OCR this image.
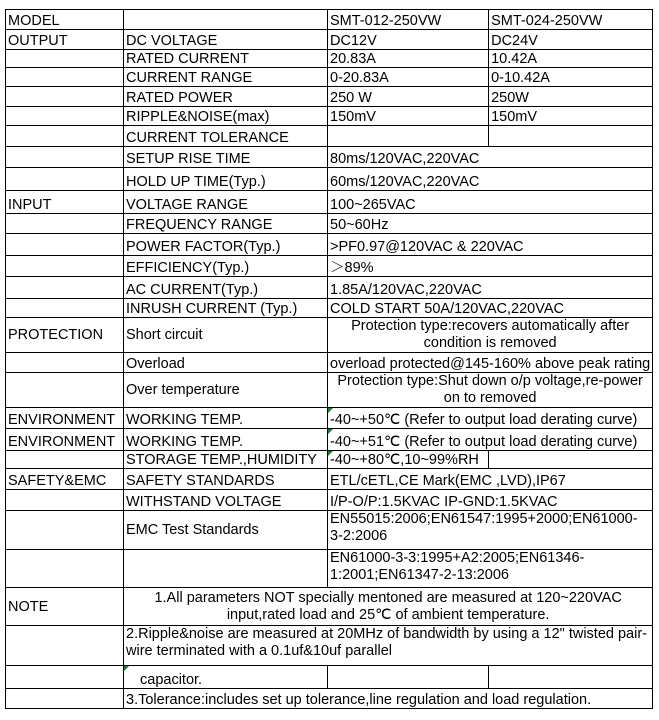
MODEL		SMT-012-250VW	SMT-024-250VW
OUTPUT	DC VOLTAGE	DC12V	DC24V
	RATED CURRENT	20.83A	10.42A
	CURRENT RANGE	0-20.83A	0-10.42A
	RATED POWER	250 W	250W
	RIPPLE&NOISE(max)	150mV	150mV
	CURRENT TOLERANCE		
	SETUP RISE TIME	80ms/120VAC,220VAC	
	HOLD UP TIME(Typ.)	60ms/120VAC,220VAC	
INPUT	VOLTAGE RANGE	100~265VAC	
	FREQUENCY RANGE	50~60Hz	
	POWER FACTOR(Typ.)	>PF0.97@120VAC & 220VAC	
	EFFICIENCY(Typ.)	＞89%	
	AC CURRENT(Typ.)	1.85A/120VAC,220VAC	
	INRUSH CURRENT (Typ.)	COLD START 50A/120VAC,220VAC	
PROTECTION	Short circuit	Protection type:recovers automatically after condition is removed	
	Overload	overload protected@145-160% above peak rating	
	Over temperature	Protection type:Shut down o/p voltage,re-power on to removed	
ENVIRONMENT	WORKING TEMP.	-40~+50℃ (Refer to output load derating curve)	
ENVIRONMENT	WORKING TEMP.	-40~+51℃ (Refer to output load derating curve)	
	STORAGE TEMP.,HUMIDITY	-40~+80℃,10~99%RH	
SAFETY&EMC	SAFETY STANDARDS	ETL/cETL,CE Mark(EMC ,LVD),IP67	
	WITHSTAND VOLTAGE	I/P-O/P:1.5KVAC IP-GND:1.5KVAC	
	EMC Test Standards	EN55015:2006;EN61547:1995+2000;EN61000-3-2:2006	
		EN61000-3-3:1995+A2:2005;EN61346-1:2001;EN61347-2-13:2006	
NOTE	1.All parameters NOT specially mentoned are measured at 120~220VAC input,rated load and 25℃ of ambient temperature.		
	2.Ripple&noise are measured at 20MHz of bandwidth by using a 12" twisted pair-wire terminated with a 0.1uf&10uf parallel		
	capacitor.		
	3.Tolerance:includes set up tolerance,line regulation and load regulation.		
